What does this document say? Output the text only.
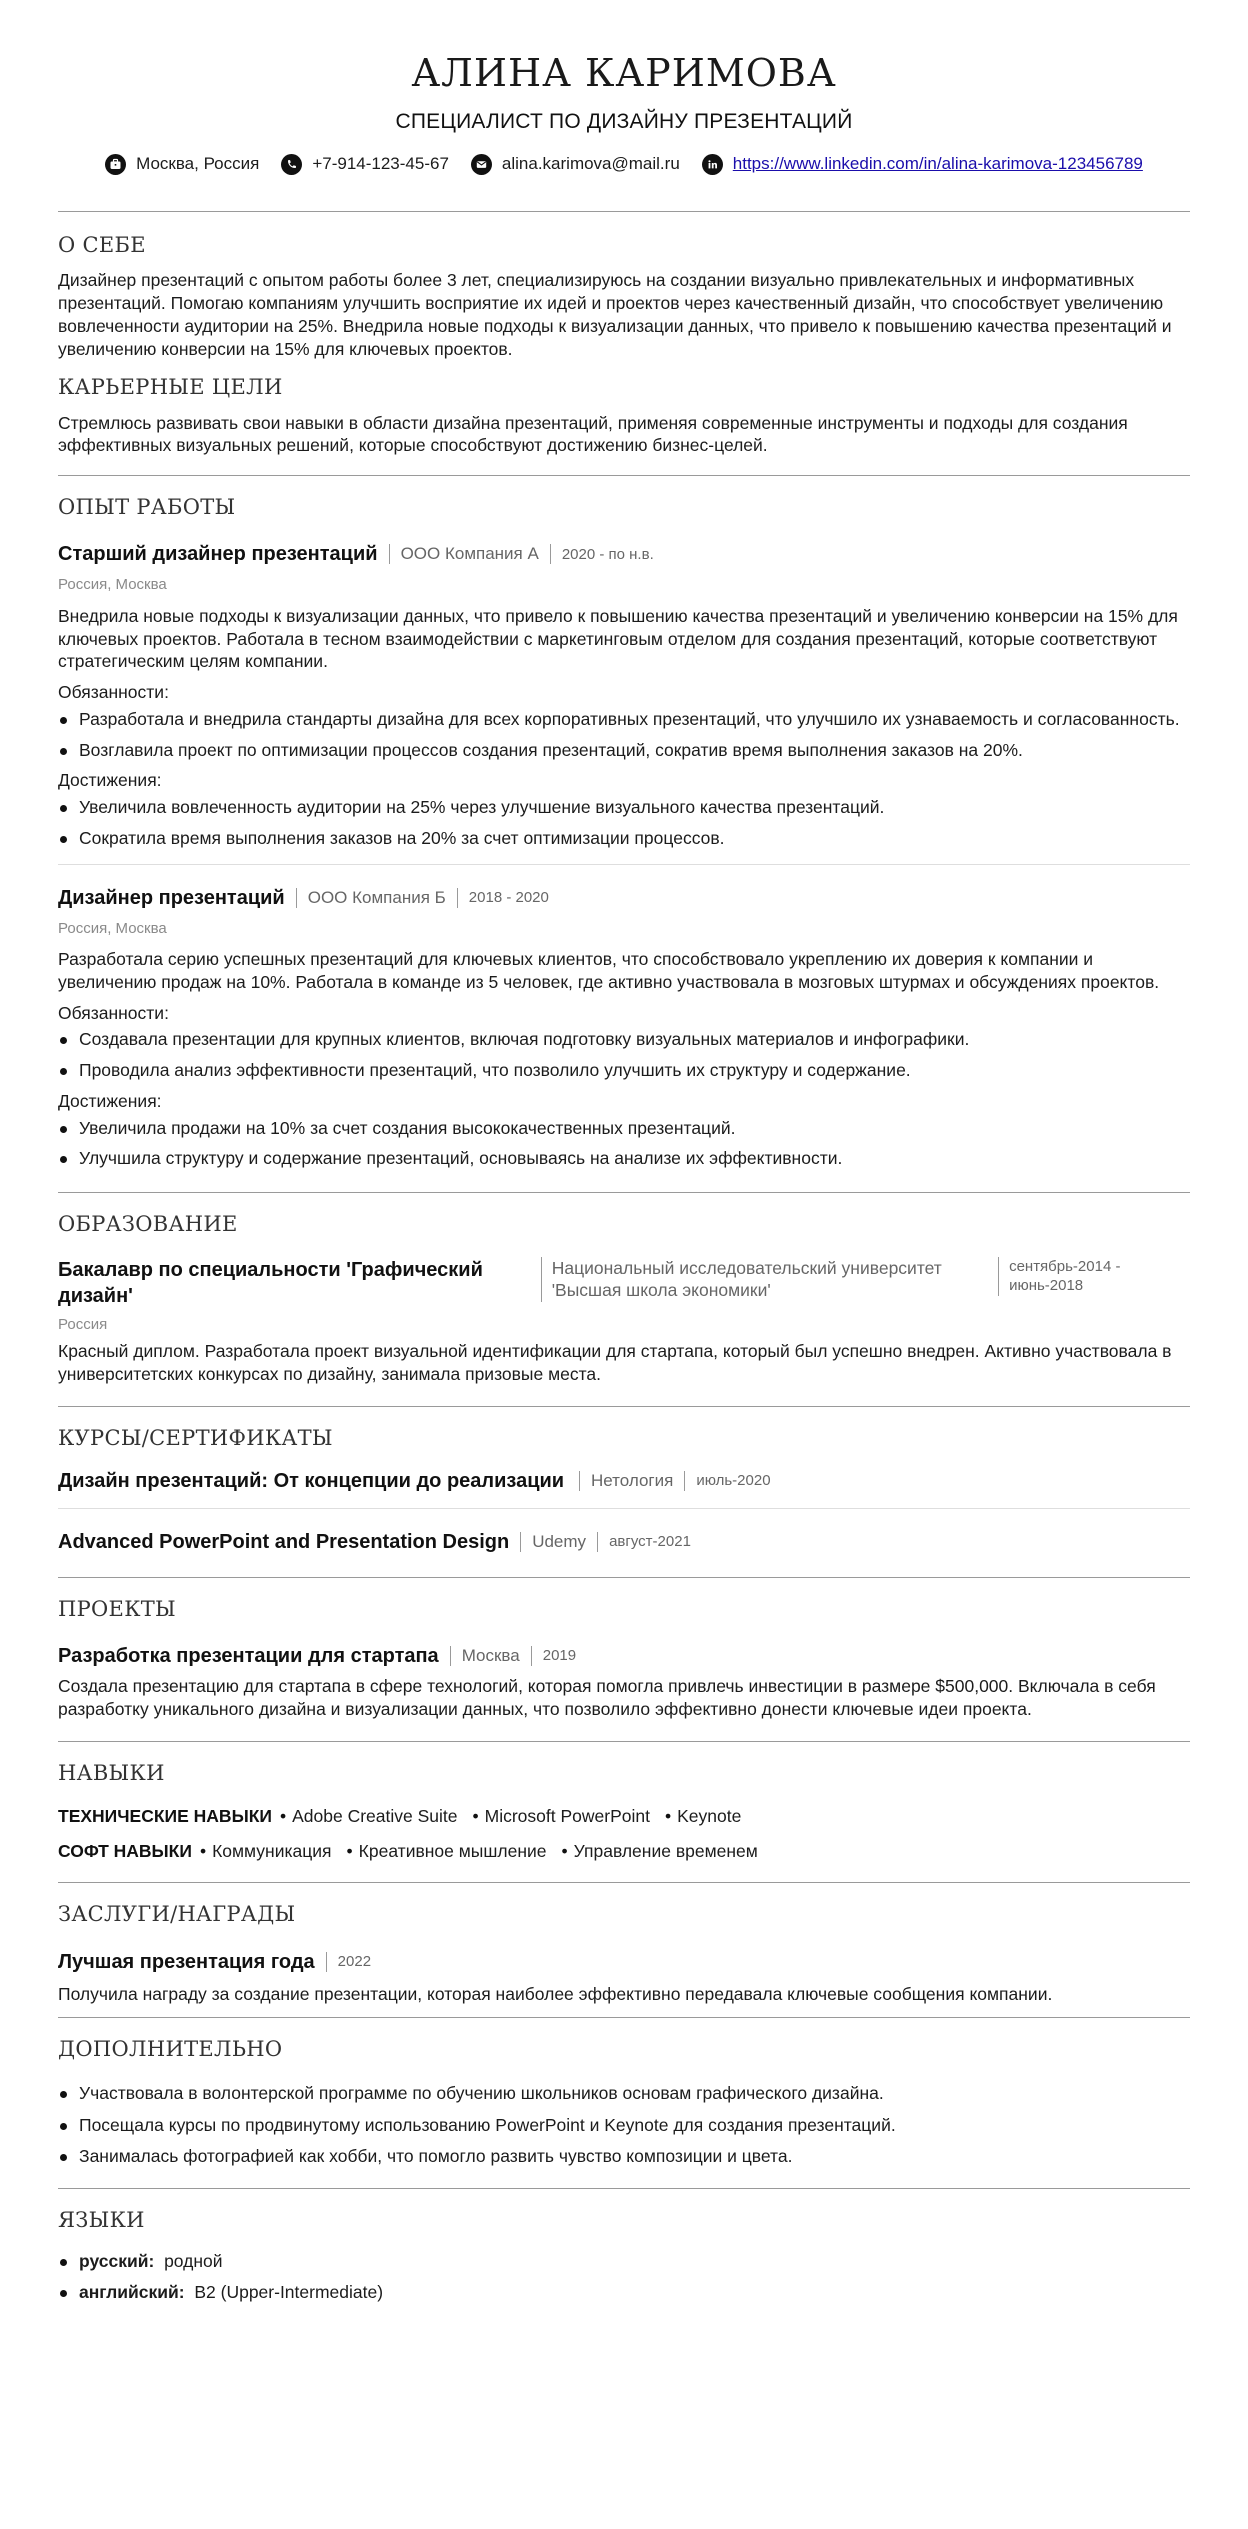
АЛИНА КАРИМОВА
СПЕЦИАЛИСТ ПО ДИЗАЙНУ ПРЕЗЕНТАЦИЙ
Москва, Россия	+7-914-123-45-67	alina.karimova@mail.ru	https://www.linkedin.com/in/alina-karimova-123456789
О СЕБЕ

Дизайнер презентаций с опытом работы более 3 лет, специализируюсь на создании визуально привлекательных и информативных презентаций. Помогаю компаниям улучшить восприятие их идей и проектов через качественный дизайн, что способствует увеличению вовлеченности аудитории на 25%. Внедрила новые подходы к визуализации данных, что привело к повышению качества презентаций и увеличению конверсии на 15% для ключевых проектов.

КАРЬЕРНЫЕ ЦЕЛИ

Стремлюсь развивать свои навыки в области дизайна презентаций, применяя современные инструменты и подходы для создания эффективных визуальных решений, которые способствуют достижению бизнес-целей.

ОПЫТ РАБОТЫ
Старший дизайнер презентаций ООО Компания А 2020 - по н.в.
Россия, Москва

Внедрила новые подходы к визуализации данных, что привело к повышению качества презентаций и увеличению конверсии на 15% для ключевых проектов. Работала в тесном взаимодействии с маркетинговым отделом для создания презентаций, которые соответствуют стратегическим целям компании.

Обязанности:
Разработала и внедрила стандарты дизайна для всех корпоративных презентаций, что улучшило их узнаваемость и согласованность.
Возглавила проект по оптимизации процессов создания презентаций, сократив время выполнения заказов на 20%.
Достижения:
Увеличила вовлеченность аудитории на 25% через улучшение визуального качества презентаций.
Сократила время выполнения заказов на 20% за счет оптимизации процессов.
Дизайнер презентаций ООО Компания Б 2018 - 2020
Россия, Москва

Разработала серию успешных презентаций для ключевых клиентов, что способствовало укреплению их доверия к компании и увеличению продаж на 10%. Работала в команде из 5 человек, где активно участвовала в мозговых штурмах и обсуждениях проектов.

Обязанности:
Создавала презентации для крупных клиентов, включая подготовку визуальных материалов и инфографики.
Проводила анализ эффективности презентаций, что позволило улучшить их структуру и содержание.
Достижения:
Увеличила продажи на 10% за счет создания высококачественных презентаций.
Улучшила структуру и содержание презентаций, основываясь на анализе их эффективности.
ОБРАЗОВАНИЕ
Бакалавр по специальности 'Графический дизайн'
Национальный исследовательский университет 'Высшая школа экономики'
сентябрь-2014 - июнь-2018
Россия

Красный диплом. Разработала проект визуальной идентификации для стартапа, который был успешно внедрен. Активно участвовала в университетских конкурсах по дизайну, занимала призовые места.

КУРСЫ/СЕРТИФИКАТЫ
Дизайн презентаций: От концепции до реализации Нетология июль-2020
Advanced PowerPoint and Presentation Design Udemy август-2021
ПРОЕКТЫ
Разработка презентации для стартапа Москва 2019

Создала презентацию для стартапа в сфере технологий, которая помогла привлечь инвестиции в размере $500,000. Включала в себя разработку уникального дизайна и визуализации данных, что позволило эффективно донести ключевые идеи проекта.

НАВЫКИ
ТЕХНИЧЕСКИЕ НАВЫКИ	• Adobe Creative Suite	• Microsoft PowerPoint	• Keynote
СОФТ НАВЫКИ	• Коммуникация	• Креативное мышление	• Управление временем
ЗАСЛУГИ/НАГРАДЫ
Лучшая презентация года 2022

Получила награду за создание презентации, которая наиболее эффективно передавала ключевые сообщения компании.

ДОПОЛНИТЕЛЬНО
Участвовала в волонтерской программе по обучению школьников основам графического дизайна.
Посещала курсы по продвинутому использованию PowerPoint и Keynote для создания презентаций.
Занималась фотографией как хобби, что помогло развить чувство композиции и цвета.
ЯЗЫКИ
русский: родной
английский: B2 (Upper-Intermediate)
